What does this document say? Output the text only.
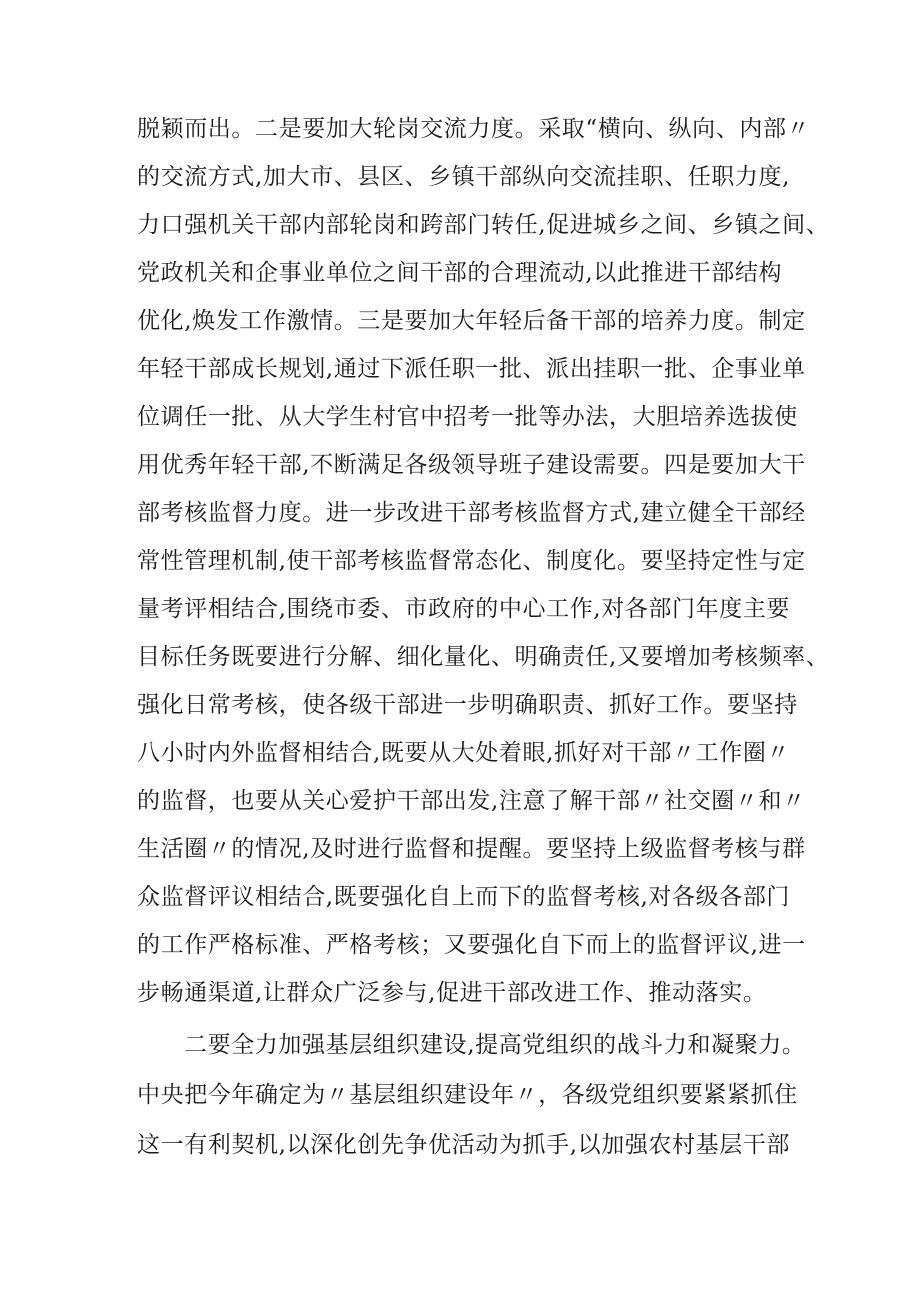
脱颖而出。二是要加大轮岗交流力度。采取“横向、纵向、内部〃
的交流方式,加大市、县区、乡镇干部纵向交流挂职、任职力度,
力口强机关干部内部轮岗和跨部门转任,促进城乡之间、乡镇之间、
党政机关和企事业单位之间干部的合理流动,以此推进干部结构
优化,焕发工作激情。三是要加大年轻后备干部的培养力度。制定
年轻干部成长规划,通过下派任职一批、派出挂职一批、企事业单
位调任一批、从大学生村官中招考一批等办法，大胆培养选拔使
用优秀年轻干部,不断满足各级领导班子建设需要。四是要加大干
部考核监督力度。进一步改进干部考核监督方式,建立健全干部经
常性管理机制,使干部考核监督常态化、制度化。要坚持定性与定
量考评相结合,围绕市委、市政府的中心工作,对各部门年度主要
目标任务既要进行分解、细化量化、明确责任,又要增加考核频率、
强化日常考核，使各级干部进一步明确职责、抓好工作。要坚持
八小时内外监督相结合,既要从大处着眼,抓好对干部〃工作圈〃
的监督，也要从关心爱护干部出发,注意了解干部〃社交圈〃和〃
生活圈〃的情况,及时进行监督和提醒。要坚持上级监督考核与群
众监督评议相结合,既要强化自上而下的监督考核,对各级各部门
的工作严格标准、严格考核；又要强化自下而上的监督评议,进一
步畅通渠道,让群众广泛参与,促进干部改进工作、推动落实。
二要全力加强基层组织建设,提高党组织的战斗力和凝聚力。
中央把今年确定为〃基层组织建设年〃，各级党组织要紧紧抓住
这一有利契机,以深化创先争优活动为抓手,以加强农村基层干部
